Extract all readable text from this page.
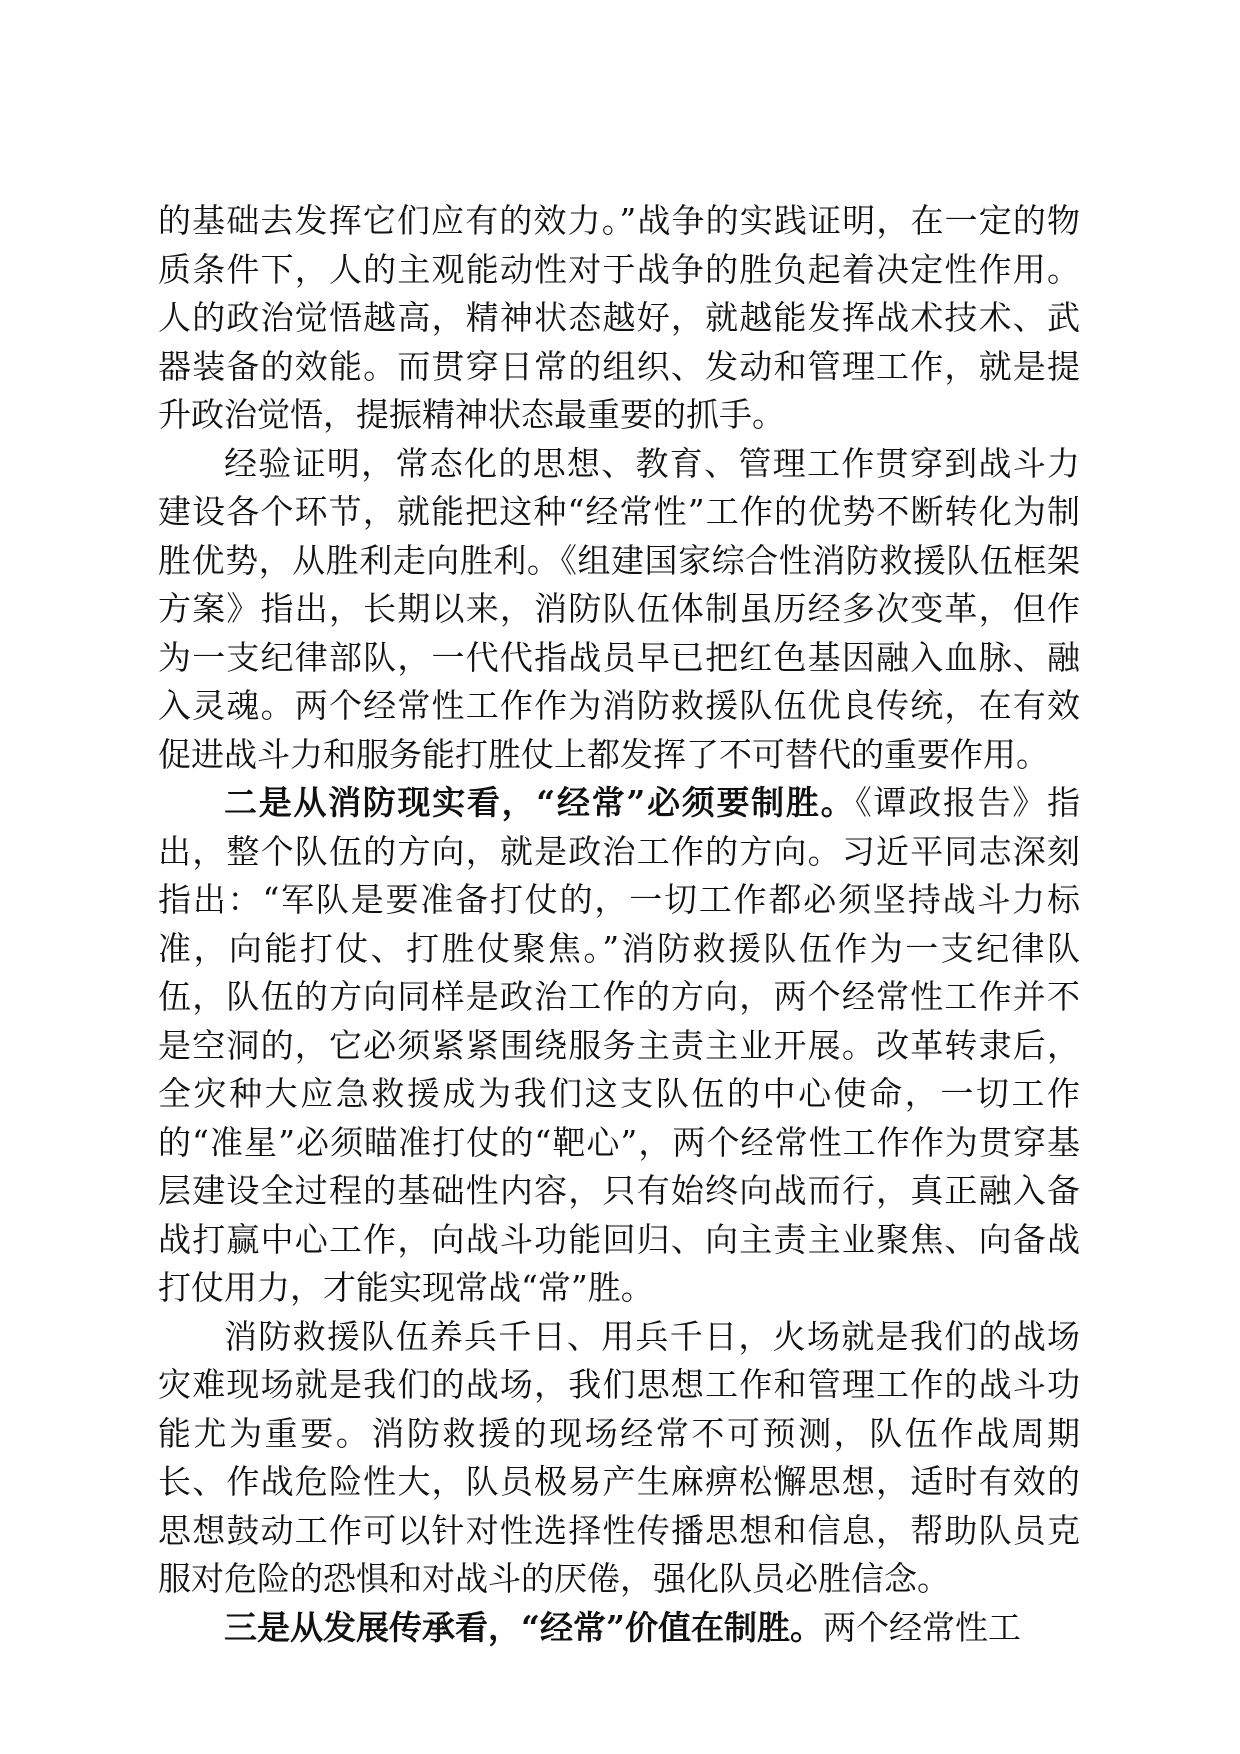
的基础去发挥它们应有的效力。”战争的实践证明，在一定的物质条件下，人的主观能动性对于战争的胜负起着决定性作用。人的政治觉悟越高，精神状态越好，就越能发挥战术技术、武器装备的效能。而贯穿日常的组织、发动和管理工作，就是提升政治觉悟，提振精神状态最重要的抓手。

经验证明，常态化的思想、教育、管理工作贯穿到战斗力建设各个环节，就能把这种“经常性”工作的优势不断转化为制胜优势，从胜利走向胜利。《组建国家综合性消防救援队伍框架方案》指出，长期以来，消防队伍体制虽历经多次变革，但作为一支纪律部队，一代代指战员早已把红色基因融入血脉、融入灵魂。两个经常性工作作为消防救援队伍优良传统，在有效促进战斗力和服务能打胜仗上都发挥了不可替代的重要作用。

二是从消防现实看，“经常”必须要制胜。《谭政报告》指出，整个队伍的方向，就是政治工作的方向。习近平同志深刻指出：“军队是要准备打仗的，一切工作都必须坚持战斗力标准，向能打仗、打胜仗聚焦。”消防救援队伍作为一支纪律队伍，队伍的方向同样是政治工作的方向，两个经常性工作并不是空洞的，它必须紧紧围绕服务主责主业开展。改革转隶后，全灾种大应急救援成为我们这支队伍的中心使命，一切工作的“准星”必须瞄准打仗的“靶心”，两个经常性工作作为贯穿基层建设全过程的基础性内容，只有始终向战而行，真正融入备战打赢中心工作，向战斗功能回归、向主责主业聚焦、向备战打仗用力，才能实现常战“常”胜。

消防救援队伍养兵千日、用兵千日，火场就是我们的战场灾难现场就是我们的战场，我们思想工作和管理工作的战斗功能尤为重要。消防救援的现场经常不可预测，队伍作战周期长、作战危险性大，队员极易产生麻痹松懈思想，适时有效的思想鼓动工作可以针对性选择性传播思想和信息，帮助队员克服对危险的恐惧和对战斗的厌倦，强化队员必胜信念。

三是从发展传承看，“经常”价值在制胜。两个经常性工
